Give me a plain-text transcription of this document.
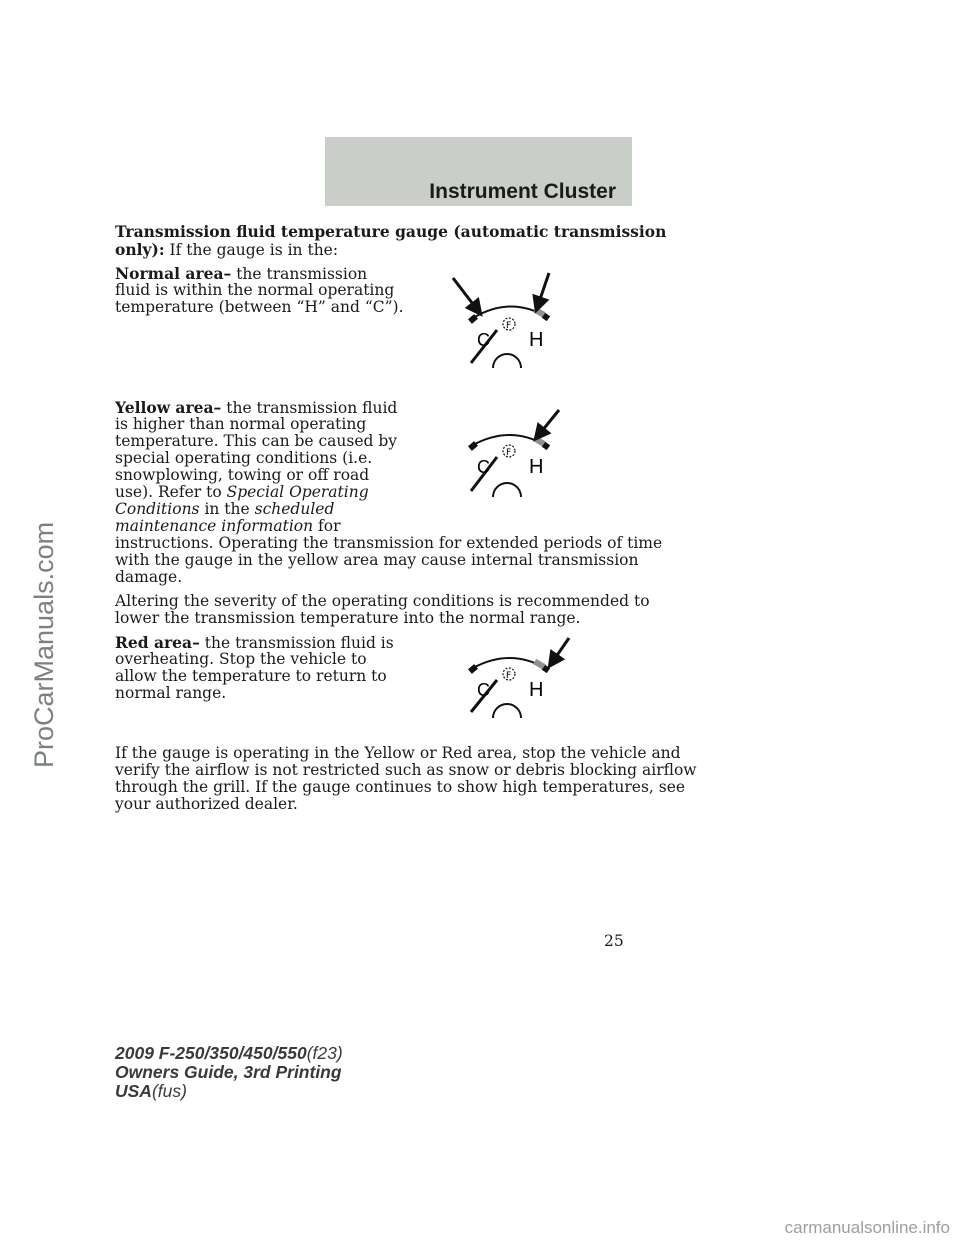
Instrument Cluster
ProCarManuals.com
Transmission fluid temperature gauge (automatic transmission
only): If the gauge is in the:
Normal area– the transmission
fluid is within the normal operating
temperature (between “H” and “C”).
F
C H
Yellow area– the transmission fluid
is higher than normal operating
temperature. This can be caused by
special operating conditions (i.e.
snowplowing, towing or off road
use). Refer to Special Operating
Conditions in the scheduled
maintenance information for
instructions. Operating the transmission for extended periods of time
with the gauge in the yellow area may cause internal transmission
damage.
F
C H
Altering the severity of the operating conditions is recommended to
lower the transmission temperature into the normal range.
Red area– the transmission fluid is
overheating. Stop the vehicle to
allow the temperature to return to
normal range.
F
C H
If the gauge is operating in the Yellow or Red area, stop the vehicle and
verify the airflow is not restricted such as snow or debris blocking airflow
through the grill. If the gauge continues to show high temperatures, see
your authorized dealer.
25
2009 F-250/350/450/550(f23)
Owners Guide, 3rd Printing
USA(fus)
carmanualsonline.info
